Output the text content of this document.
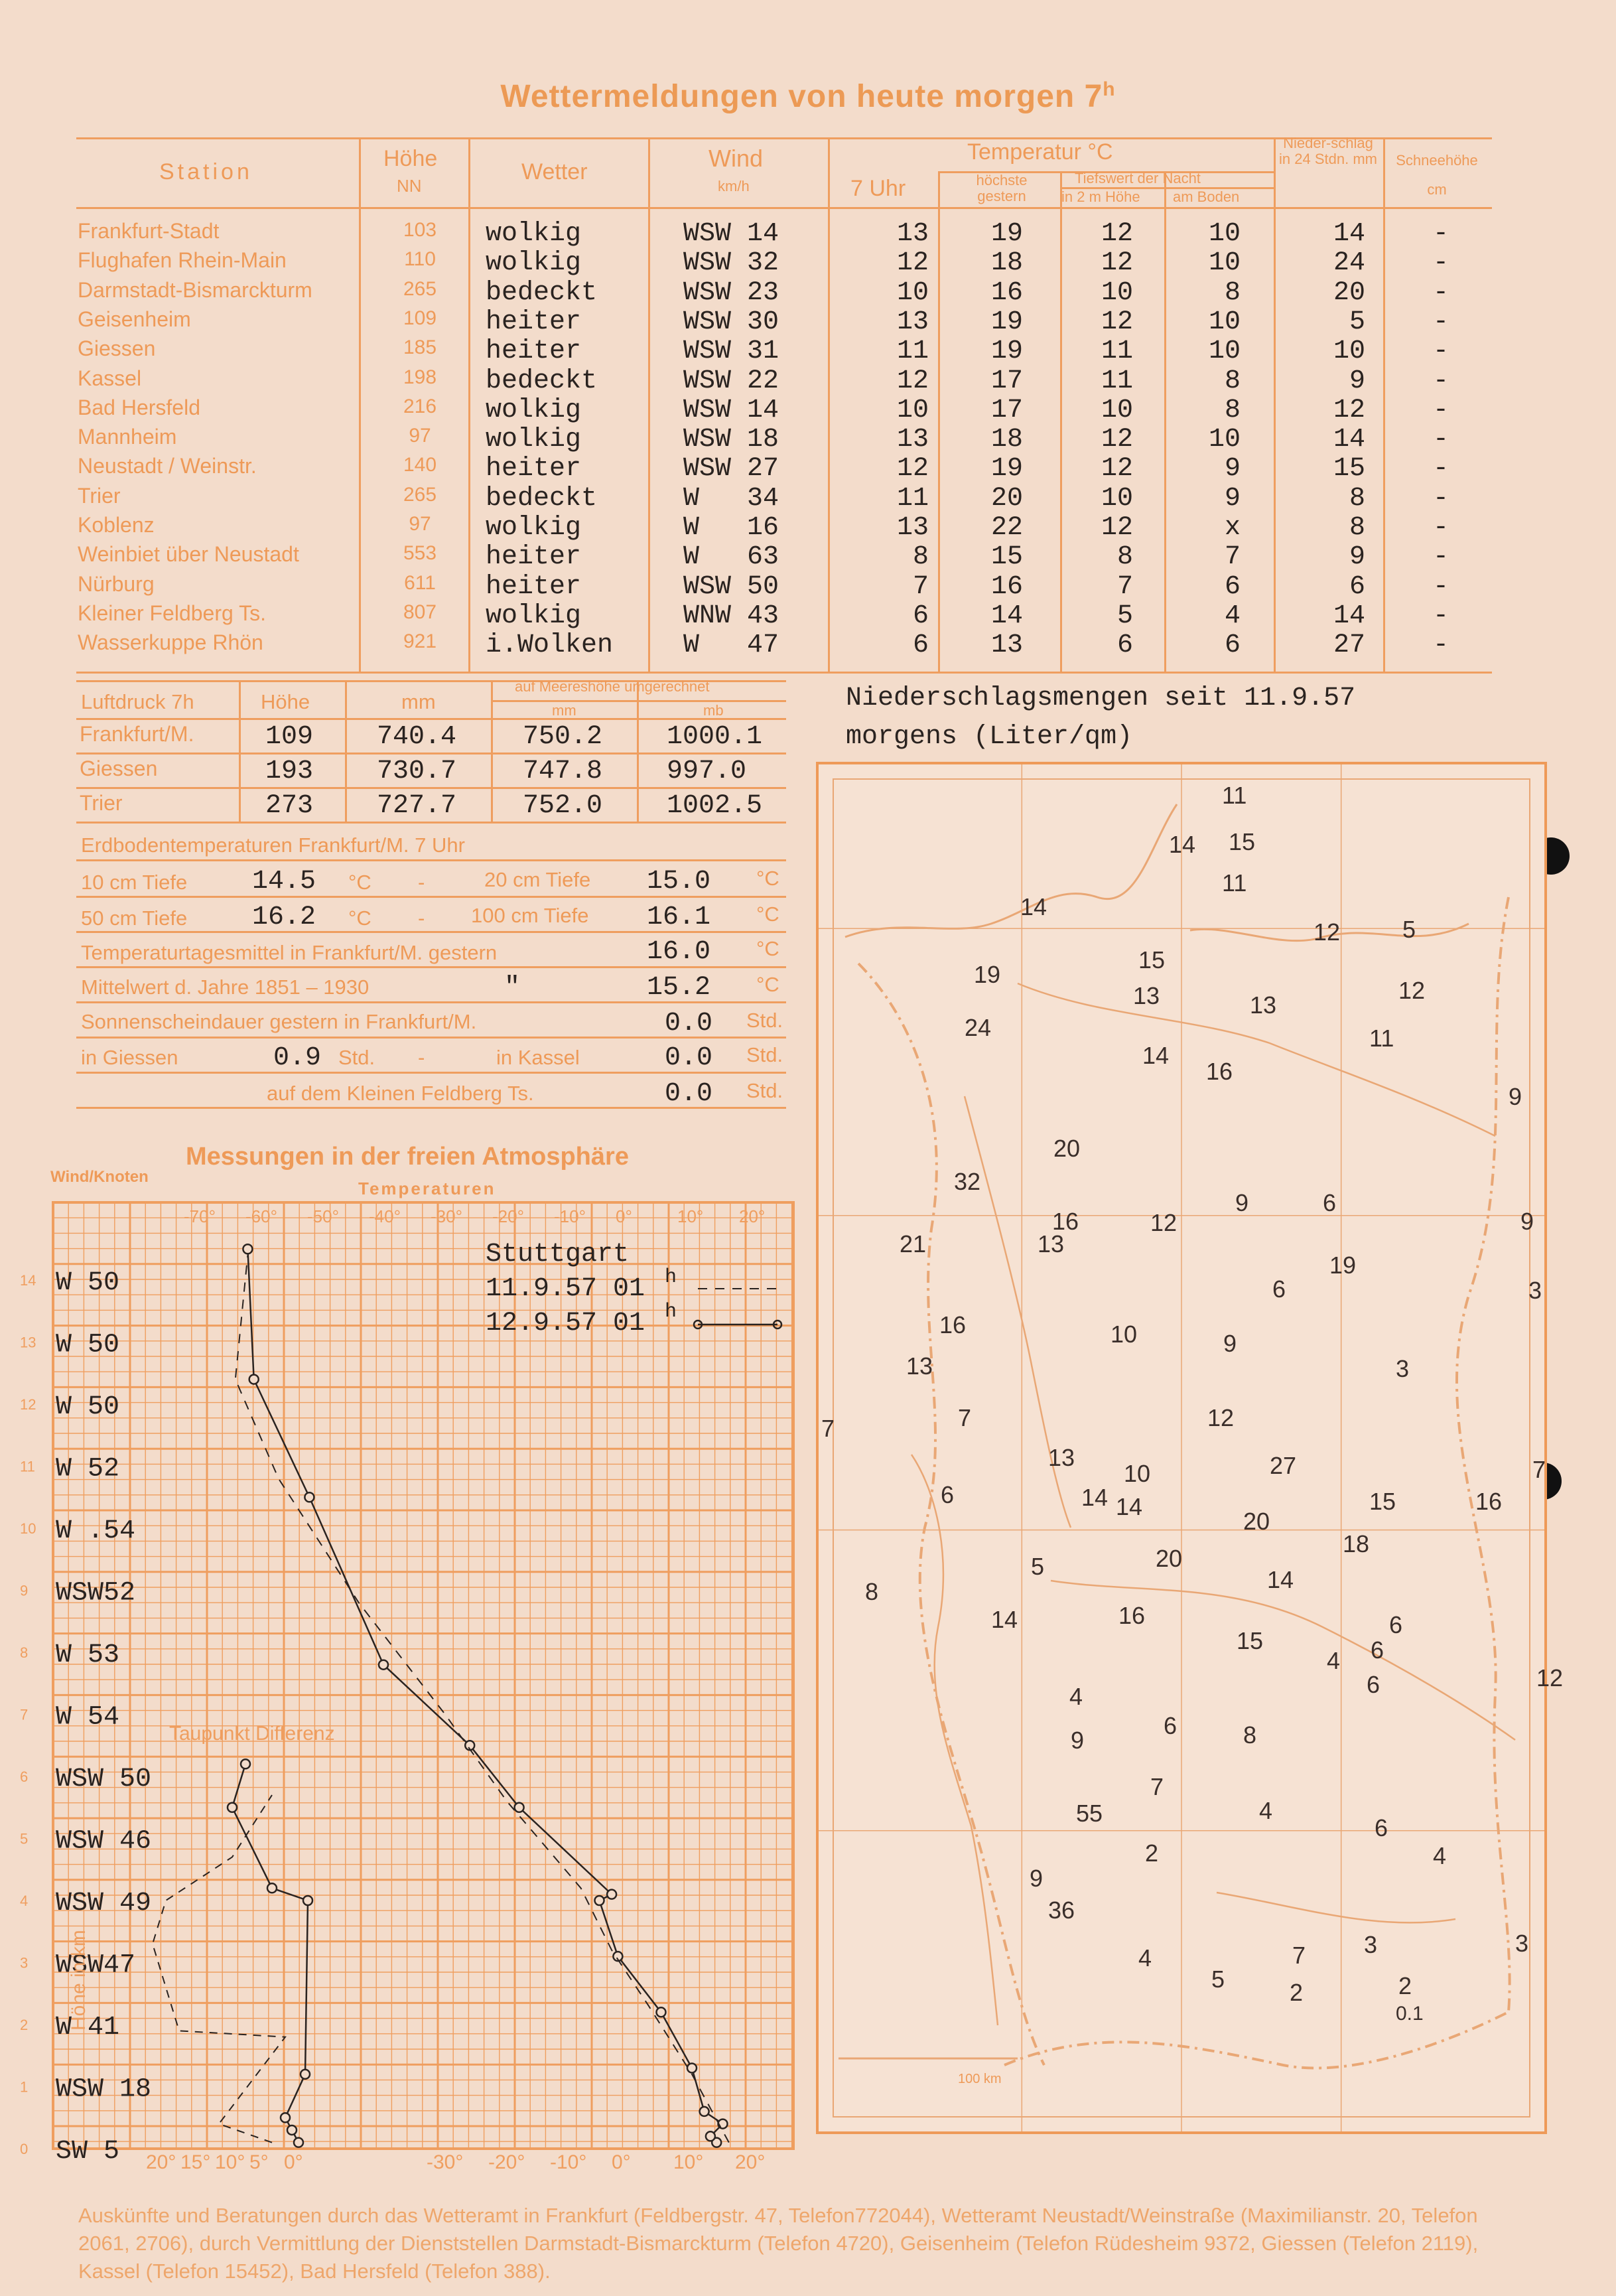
Wettermeldungen von heute morgen 7$^h$
Station
Höhe
NN
Wetter	Wind
km/h
Temperatur °C
7 Uhr	höchste gestern
Tiefswert der Nacht
in 2 m Höhe am Boden
Nieder-schlag in 24 Stdn. mm	Schneehöhe cm
Frankfurt-Stadt	103 wolkig	WSW 14	13	19	12	10	14	-
Flughafen Rhein-Main	110 wolkig	WSW 32	12	18	12	10	24	-
Darmstadt-Bismarckturm	265 bedeckt	WSW 23	10	16	10	8	20	-
Geisenheim	109 heiter	WSW 30	13	19	12	10	5	-
Giessen	185 heiter	WSW 31	11	19	11	10	10	-
Kassel	198 bedeckt	WSW 22	12	17	11	8	9	-
Bad Hersfeld	216 wolkig	WSW 14	10	17	10	8	12	-
Mannheim	97	wolkig	WSW 18	13	18	12	10	14	-
Neustadt / Weinstr.	140 heiter	WSW 27	12	19	12	9	15	-
Trier	265 bedeckt	W   34	11	20	10	9	8	-
Koblenz	97	wolkig	W   16	13	22	12	x	8	-
Weinbiet über Neustadt	553 heiter	W   63	8	15	8	7	9	-
Nürburg	611 heiter	WSW 50	7	16	7	6	6	-
Kleiner Feldberg Ts.	807 wolkig	WNW 43	6	14	5	4	14	-
Wasserkuppe Rhön	921 i.Wolken	W   47	6	13	6	6	27	-
Luftdruck 7h	Höhe	mm
auf Meereshöhe umgerechnet
mm	mb
Frankfurt/M.	109 740.4 750.2 1000.1
Giessen	193 730.7 747.8 997.0
Trier	273 727.7 752.0 1002.5
Erdbodentemperaturen Frankfurt/M. 7 Uhr
10 cm Tiefe 14.5 °C -	20 cm Tiefe 15.0 °C
50 cm Tiefe 16.2 °C - 100 cm Tiefe 16.1 °C
Temperaturtagesmittel in Frankfurt/M. gestern	16.0 °C
Mittelwert d. Jahre 1851 – 1930	"	15.2 °C
Sonnenscheindauer gestern in Frankfurt/M.	0.0 Std.
in Giessen	0.9 Std. -	in Kassel	0.0 Std.
auf dem Kleinen Feldberg Ts.	0.0 Std.
Messungen in der freien Atmosphäre
Wind/Knoten
Temperaturen
-70° -60° -50° -40° -30° -20° -10° 0°	10° 20°
-30° -20° -10° 0° 10° 20°
20° 15° 10° 5° 0°
14
13
12
11
10
9
8
7
6
5
4
3
2
1
0
W 50
W 50
W 50
W 52
W .54
WSW52
W 53
W 54
WSW 50
WSW 46
WSW 49
WSW47
W 41
WSW 18
SW 5
Höhe in km
Taupunkt Differenz
Stuttgart
11.9.57 01
12.9.57 01
h
h
Niederschlagsmengen seit 11.9.57
morgens (Liter/qm)
11
14 15
11
14
12	5
15
12
19
13	13
24	11
14
16
9
20
32
16	12
9	6
9
21	13
19
6	3
16
13
10	9
3
7
7	12
13
10	27	7
6	14 14	15	16
20
5	20
18
8	14
16
14	6
15	6
4
12
4	6
6
9	8
7
55	4
6
4
2
9
36
3
3
7
4
5	2	2
0.1
100 km
Auskünfte und Beratungen durch das Wetteramt in Frankfurt (Feldbergstr. 47, Telefon772044), Wetteramt Neustadt/Weinstraße (Maximilianstr. 20, Telefon 2061, 2706), durch Vermittlung der Dienststellen Darmstadt-Bismarckturm (Telefon 4720), Geisenheim (Telefon Rüdesheim 9372, Giessen (Telefon 2119), Kassel (Telefon 15452), Bad Hersfeld (Telefon 388).
